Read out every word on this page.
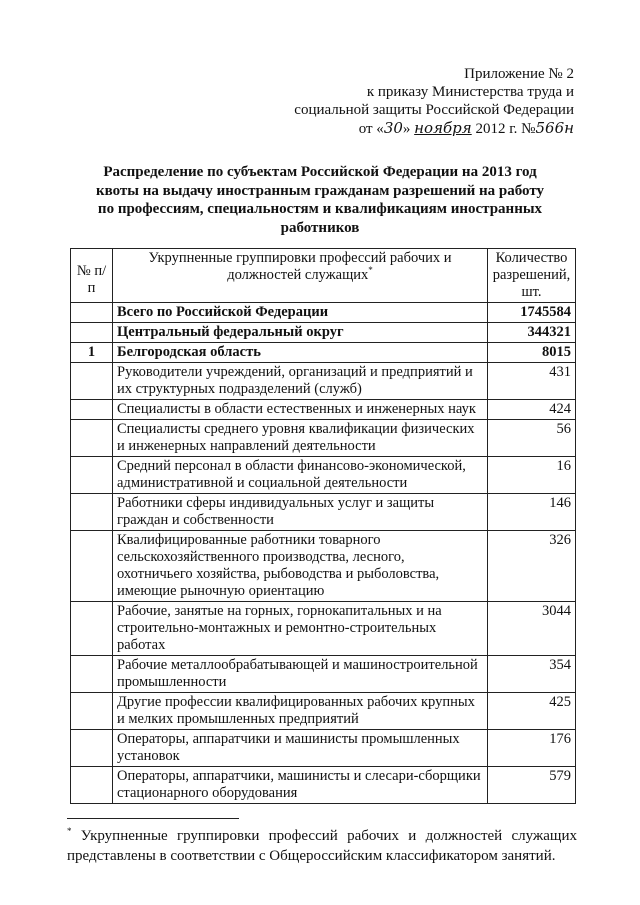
Приложение № 2
к приказу Министерства труда и
социальной защиты Российской Федерации
от «30» ноября 2012 г. №566н
Распределение по субъектам Российской Федерации на 2013 год квоты на выдачу иностранным гражданам разрешений на работу по профессиям, специальностям и квалификациям иностранных работников
№ п/п	Укрупненные группировки профессий рабочих и должностей служащих*	Количество разрешений, шт.
	Всего по Российской Федерации	1745584
	Центральный федеральный округ	344321
1	Белгородская область	8015
	Руководители учреждений, организаций и предприятий и их структурных подразделений (служб)	431
	Специалисты в области естественных и инженерных наук	424
	Специалисты среднего уровня квалификации физических и инженерных направлений деятельности	56
	Средний персонал в области финансово-экономической, административной и социальной деятельности	16
	Работники сферы индивидуальных услуг и защиты граждан и собственности	146
	Квалифицированные работники товарного сельскохозяйственного производства, лесного, охотничьего хозяйства, рыбоводства и рыболовства, имеющие рыночную ориентацию	326
	Рабочие, занятые на горных, горнокапитальных и на строительно-монтажных и ремонтно-строительных работах	3044
	Рабочие металлообрабатывающей и машиностроительной промышленности	354
	Другие профессии квалифицированных рабочих крупных и мелких промышленных предприятий	425
	Операторы, аппаратчики и машинисты промышленных установок	176
	Операторы, аппаратчики, машинисты и слесари-сборщики стационарного оборудования	579
* Укрупненные группировки профессий рабочих и должностей служащих представлены в соответствии с Общероссийским классификатором занятий.
